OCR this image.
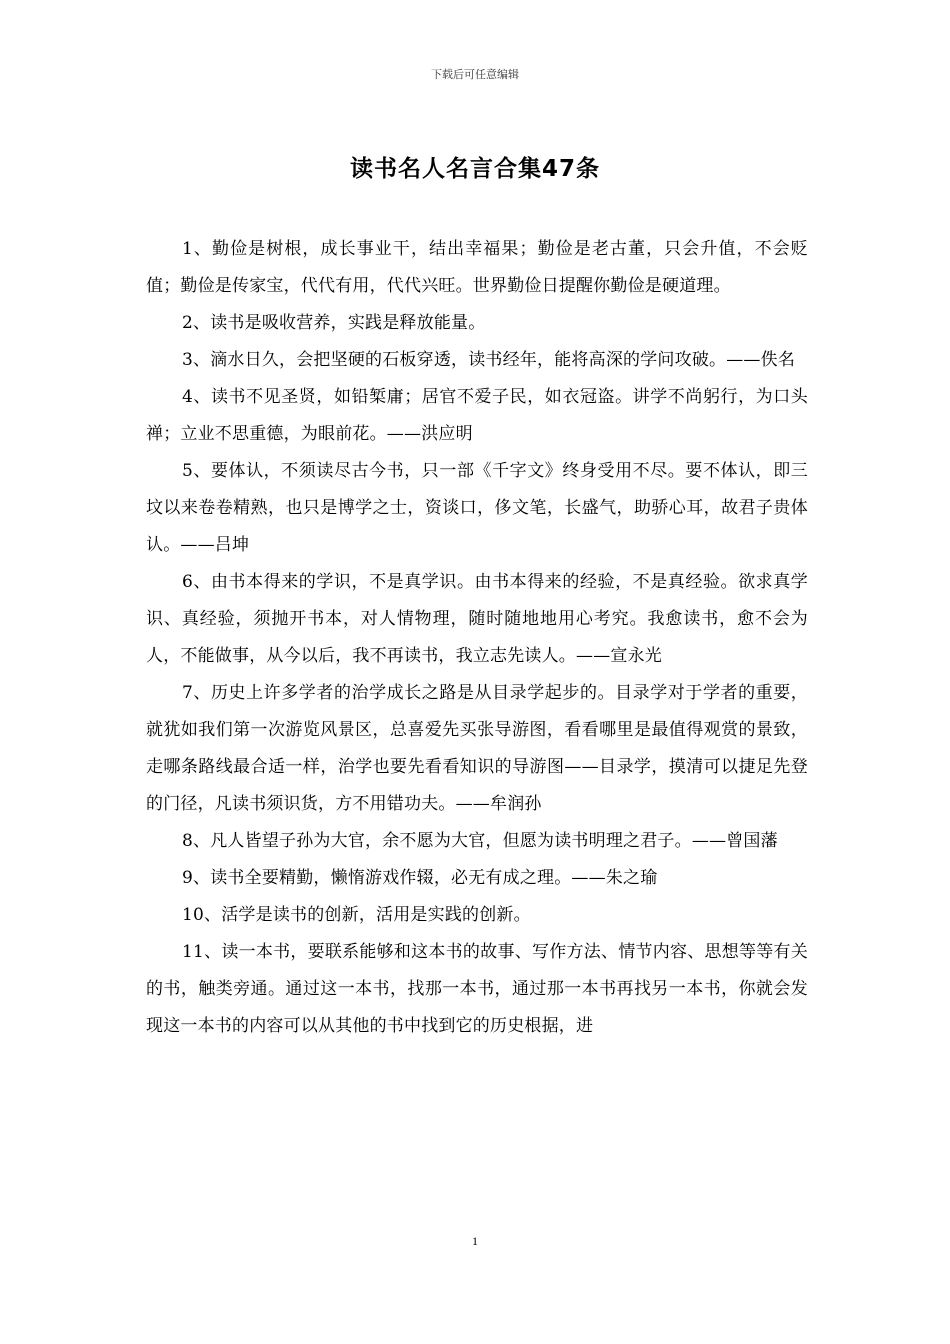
下载后可任意编辑
读书名人名言合集47条

1、勤俭是树根，成长事业干，结出幸福果；勤俭是老古董，只会升值，不会贬值；勤俭是传家宝，代代有用，代代兴旺。世界勤俭日提醒你勤俭是硬道理。

2、读书是吸收营养，实践是释放能量。

3、滴水日久，会把坚硬的石板穿透，读书经年，能将高深的学问攻破。——佚名

4、读书不见圣贤，如铅椠庸；居官不爱子民，如衣冠盗。讲学不尚躬行，为口头禅；立业不思重德，为眼前花。——洪应明

5、要体认，不须读尽古今书，只一部《千字文》终身受用不尽。要不体认，即三坟以来卷卷精熟，也只是博学之士，资谈口，侈文笔，长盛气，助骄心耳，故君子贵体认。——吕坤

6、由书本得来的学识，不是真学识。由书本得来的经验，不是真经验。欲求真学识、真经验，须抛开书本，对人情物理，随时随地地用心考究。我愈读书，愈不会为人，不能做事，从今以后，我不再读书，我立志先读人。——宣永光

7、历史上许多学者的治学成长之路是从目录学起步的。目录学对于学者的重要，就犹如我们第一次游览风景区，总喜爱先买张导游图，看看哪里是最值得观赏的景致，走哪条路线最合适一样，治学也要先看看知识的导游图——目录学，摸清可以捷足先登的门径，凡读书须识货，方不用错功夫。——牟润孙

8、凡人皆望子孙为大官，余不愿为大官，但愿为读书明理之君子。——曾国藩

9、读书全要精勤，懒惰游戏作辍，必无有成之理。——朱之瑜

10、活学是读书的创新，活用是实践的创新。

11、读一本书，要联系能够和这本书的故事、写作方法、情节内容、思想等等有关的书，触类旁通。通过这一本书，找那一本书，通过那一本书再找另一本书，你就会发现这一本书的内容可以从其他的书中找到它的历史根据，进

1
